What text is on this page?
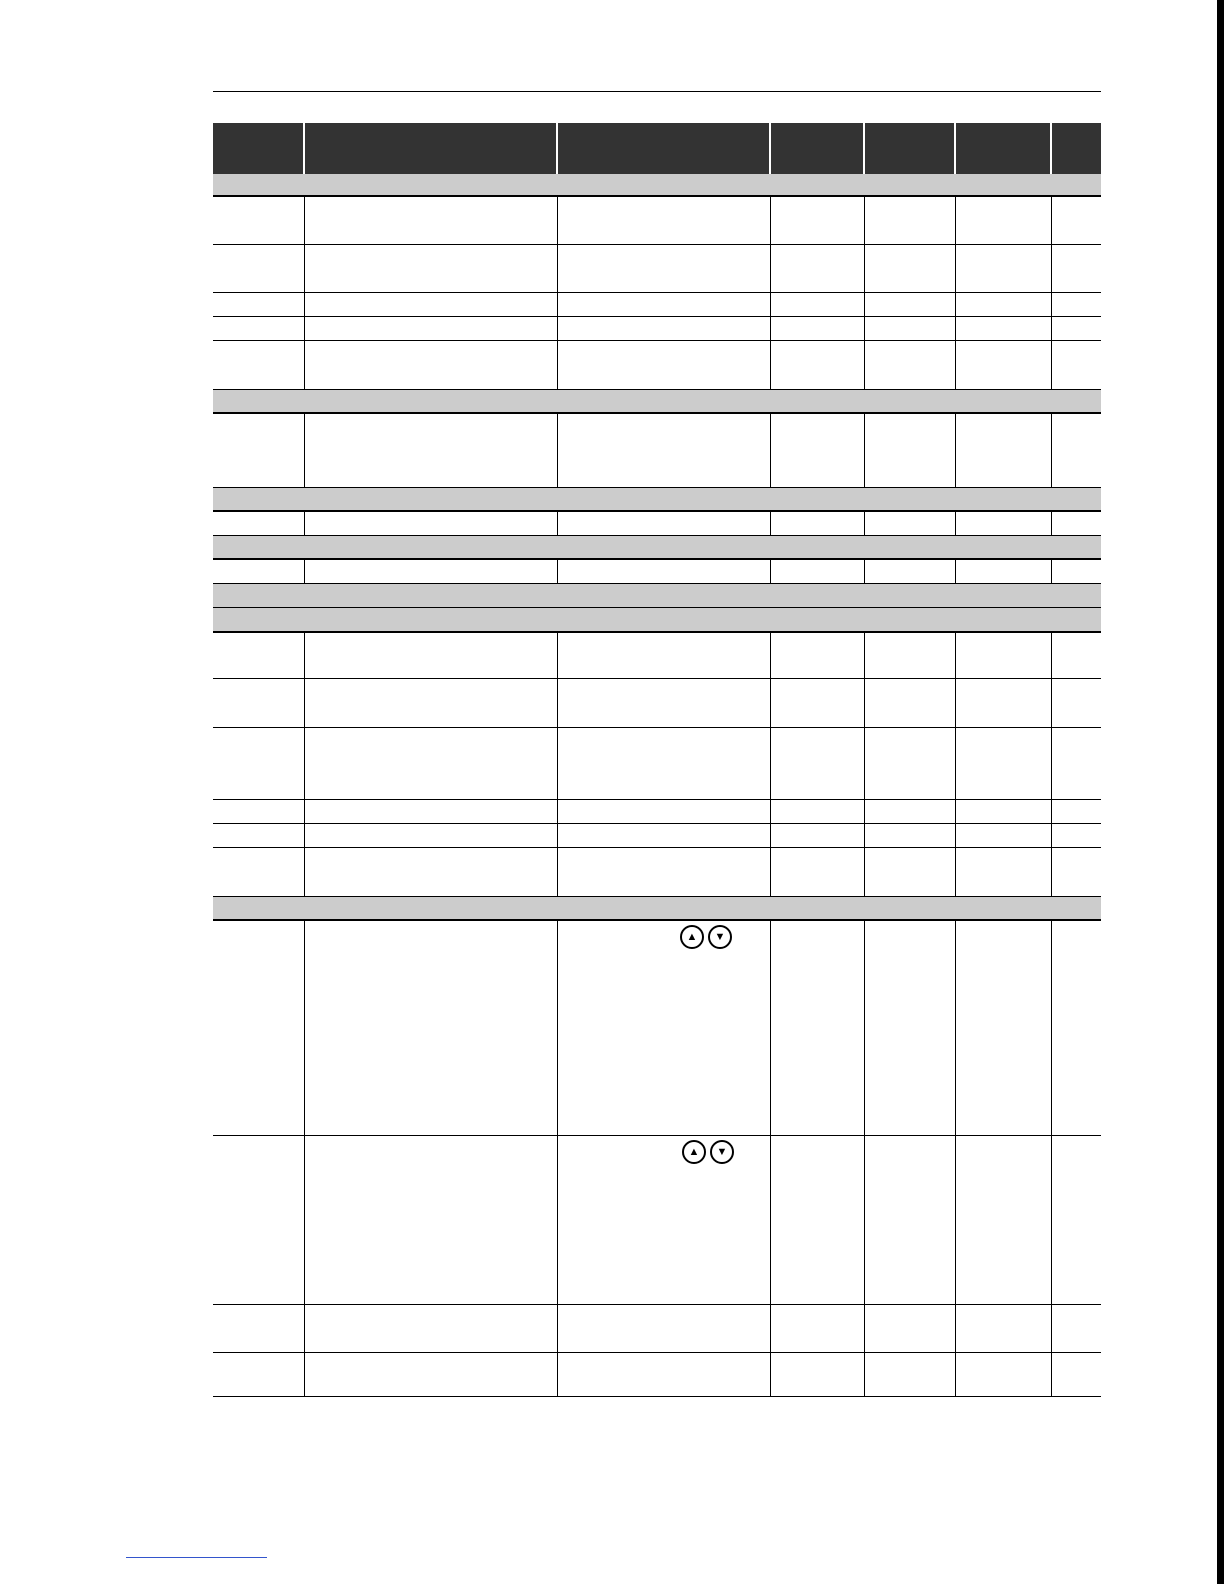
▲	▼
▲	▼
